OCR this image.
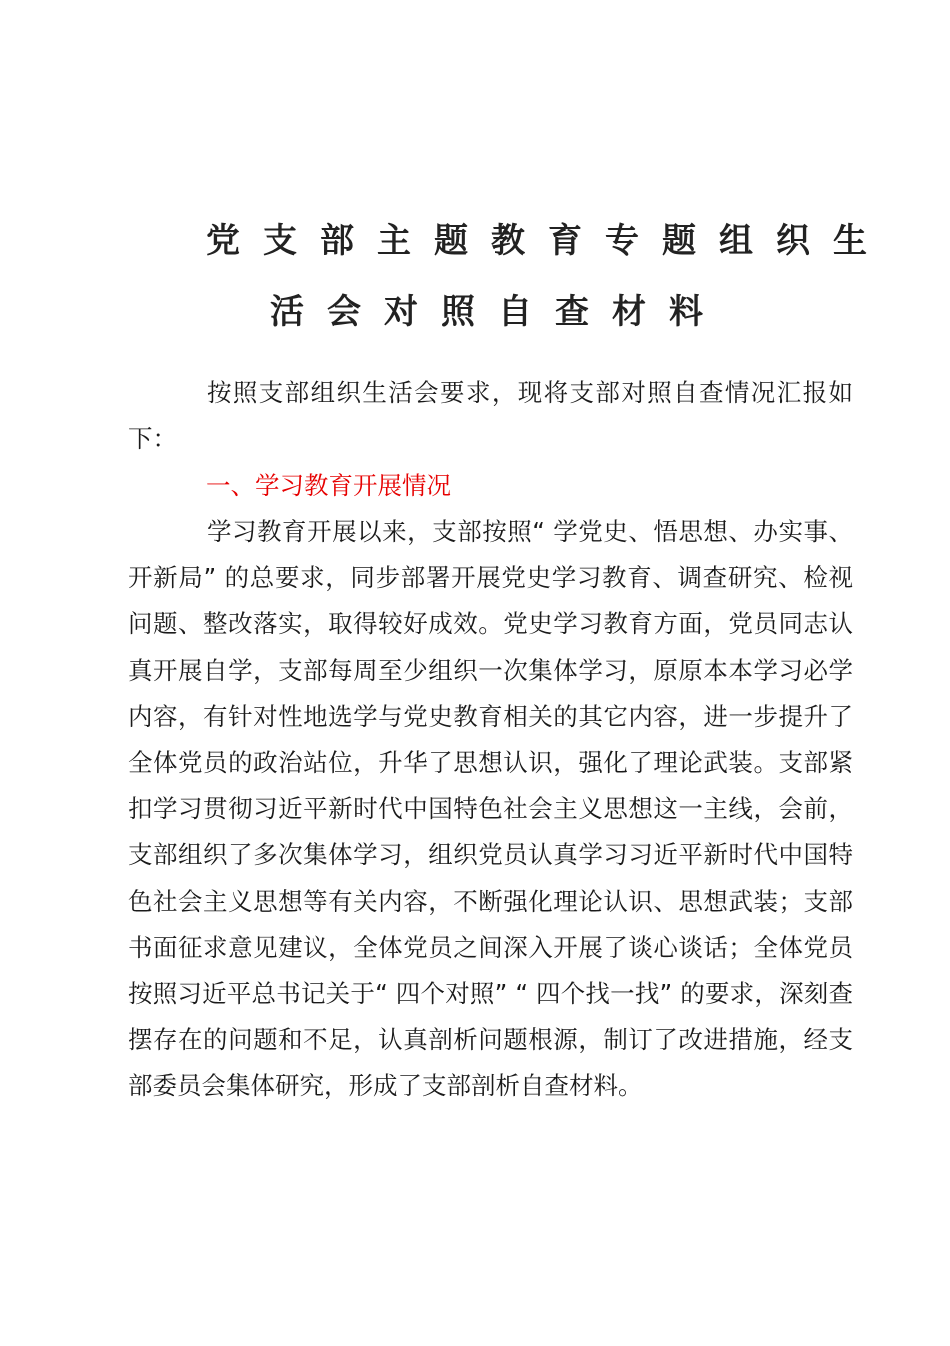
党支部主题教育专题组织生
活会对照自查材料

按照支部组织生活会要求，现将支部对照自查情况汇报如下：

一、学习教育开展情况

学习教育开展以来，支部按照“ 学党史、悟思想、办实事、开新局” 的总要求，同步部署开展党史学习教育、调查研究、检视问题、整改落实，取得较好成效。党史学习教育方面，党员同志认真开展自学，支部每周至少组织一次集体学习，原原本本学习必学内容，有针对性地选学与党史教育相关的其它内容，进一步提升了全体党员的政治站位，升华了思想认识，强化了理论武装。支部紧扣学习贯彻习近平新时代中国特色社会主义思想这一主线，会前，支部组织了多次集体学习，组织党员认真学习习近平新时代中国特色社会主义思想等有关内容，不断强化理论认识、思想武装；支部书面征求意见建议，全体党员之间深入开展了谈心谈话；全体党员按照习近平总书记关于“ 四个对照” “ 四个找一找” 的要求，深刻查摆存在的问题和不足，认真剖析问题根源，制订了改进措施，经支部委员会集体研究，形成了支部剖析自查材料。
